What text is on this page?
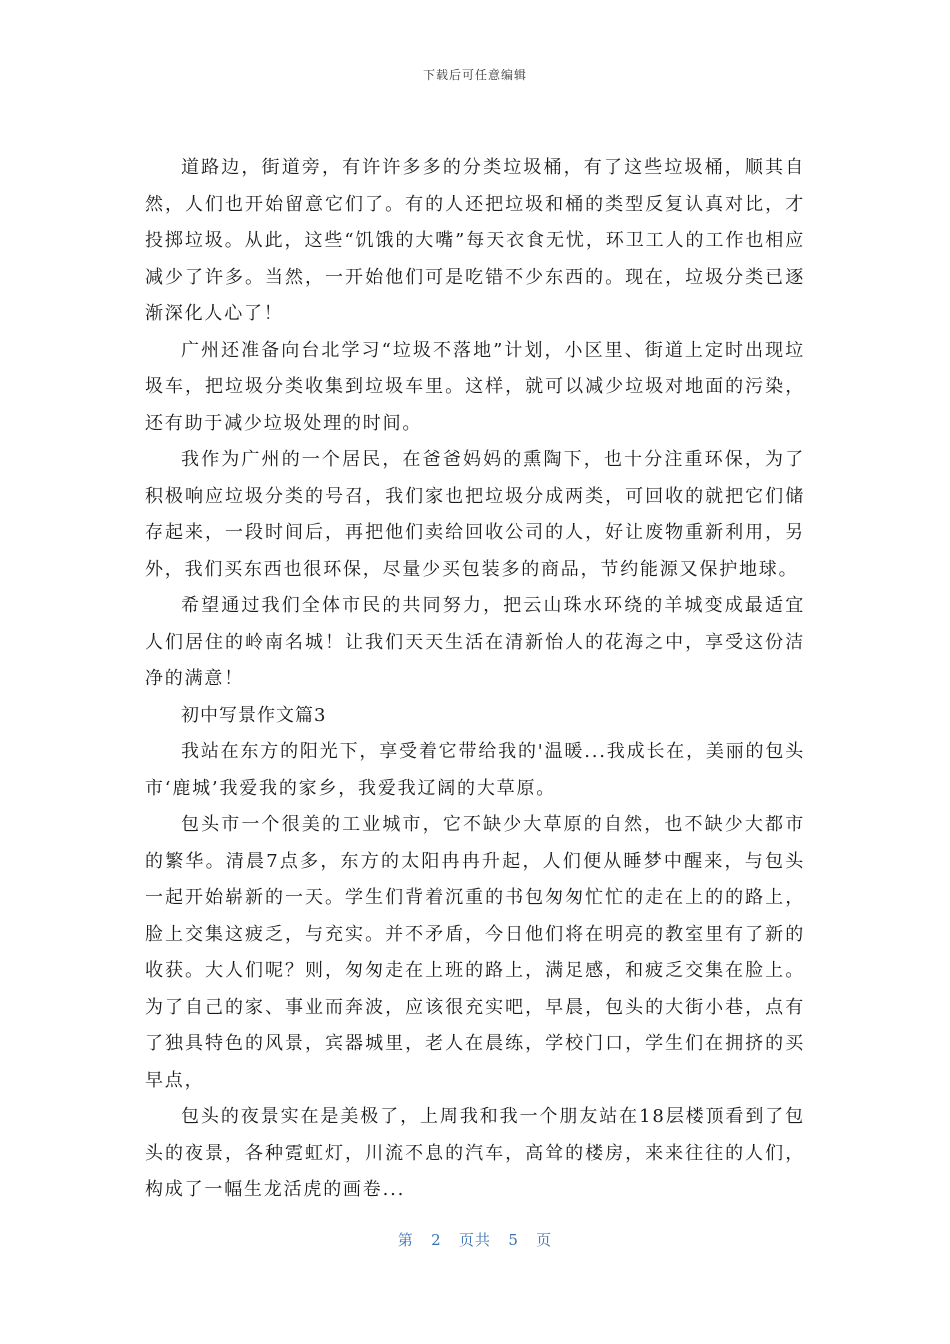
下载后可任意编辑

道路边，街道旁，有许许多多的分类垃圾桶，有了这些垃圾桶，顺其自然，人们也开始留意它们了。有的人还把垃圾和桶的类型反复认真对比，才投掷垃圾。从此，这些“饥饿的大嘴”每天衣食无忧，环卫工人的工作也相应减少了许多。当然，一开始他们可是吃错不少东西的。现在，垃圾分类已逐渐深化人心了！

广州还准备向台北学习“垃圾不落地”计划，小区里、街道上定时出现垃圾车，把垃圾分类收集到垃圾车里。这样，就可以减少垃圾对地面的污染，还有助于减少垃圾处理的时间。

我作为广州的一个居民，在爸爸妈妈的熏陶下，也十分注重环保，为了积极响应垃圾分类的号召，我们家也把垃圾分成两类，可回收的就把它们储存起来，一段时间后，再把他们卖给回收公司的人，好让废物重新利用，另外，我们买东西也很环保，尽量少买包装多的商品，节约能源又保护地球。

希望通过我们全体市民的共同努力，把云山珠水环绕的羊城变成最适宜人们居住的岭南名城！让我们天天生活在清新怡人的花海之中，享受这份洁净的满意！

初中写景作文篇3

我站在东方的阳光下，享受着它带给我的'温暖...我成长在，美丽的包头市‘鹿城’我爱我的家乡，我爱我辽阔的大草原。

包头市一个很美的工业城市，它不缺少大草原的自然，也不缺少大都市的繁华。清晨7点多，东方的太阳冉冉升起，人们便从睡梦中醒来，与包头一起开始崭新的一天。学生们背着沉重的书包匆匆忙忙的走在上的的路上，脸上交集这疲乏，与充实。并不矛盾，今日他们将在明亮的教室里有了新的收获。大人们呢？则，匆匆走在上班的路上，满足感，和疲乏交集在脸上。为了自己的家、事业而奔波，应该很充实吧，早晨，包头的大街小巷，点有了独具特色的风景，宾器城里，老人在晨练，学校门口，学生们在拥挤的买早点，

包头的夜景实在是美极了，上周我和我一个朋友站在18层楼顶看到了包头的夜景，各种霓虹灯，川流不息的汽车，高耸的楼房，来来往往的人们，构成了一幅生龙活虎的画卷...

第 2 页共 5 页
